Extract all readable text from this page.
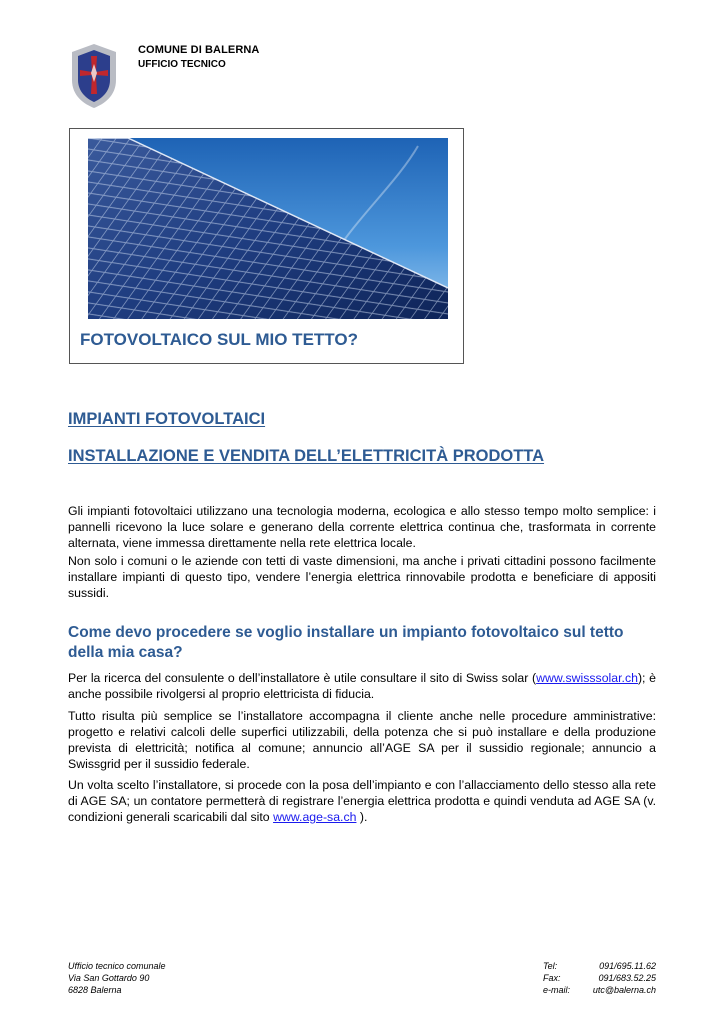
COMUNE DI BALERNA
UFFICIO TECNICO
FOTOVOLTAICO SUL MIO TETTO?
IMPIANTI FOTOVOLTAICI
INSTALLAZIONE E VENDITA DELL’ELETTRICITÀ PRODOTTA

Gli impianti fotovoltaici utilizzano una tecnologia moderna, ecologica e allo stesso tempo molto semplice: i pannelli ricevono la luce solare e generano della corrente elettrica continua che, trasformata in corrente alternata, viene immessa direttamente nella rete elettrica locale.

Non solo i comuni o le aziende con tetti di vaste dimensioni, ma anche i privati cittadini possono facilmente installare impianti di questo tipo, vendere l’energia elettrica rinnovabile prodotta e beneficiare di appositi sussidi.

Come devo procedere se voglio installare un impianto fotovoltaico sul tetto della mia casa?

Per la ricerca del consulente o dell’installatore è utile consultare il sito di Swiss solar (www.swisssolar.ch); è anche possibile rivolgersi al proprio elettricista di fiducia.

Tutto risulta più semplice se l’installatore accompagna il cliente anche nelle procedure amministrative: progetto e relativi calcoli delle superfici utilizzabili, della potenza che si può installare e della produzione prevista di elettricità; notifica al comune; annuncio all’AGE SA per il sussidio regionale; annuncio a Swissgrid per il sussidio federale.

Un volta scelto l’installatore, si procede con la posa dell’impianto e con l’allacciamento dello stesso alla rete di AGE SA; un contatore permetterà di registrare l’energia elettrica prodotta e quindi venduta ad AGE SA (v. condizioni generali scaricabili dal sito www.age-sa.ch ).

Ufficio tecnico comunale
Via San Gottardo 90
6828 Balerna
Tel:
Fax:
e-mail:
091/695.11.62
091/683.52.25
utc@balerna.ch
